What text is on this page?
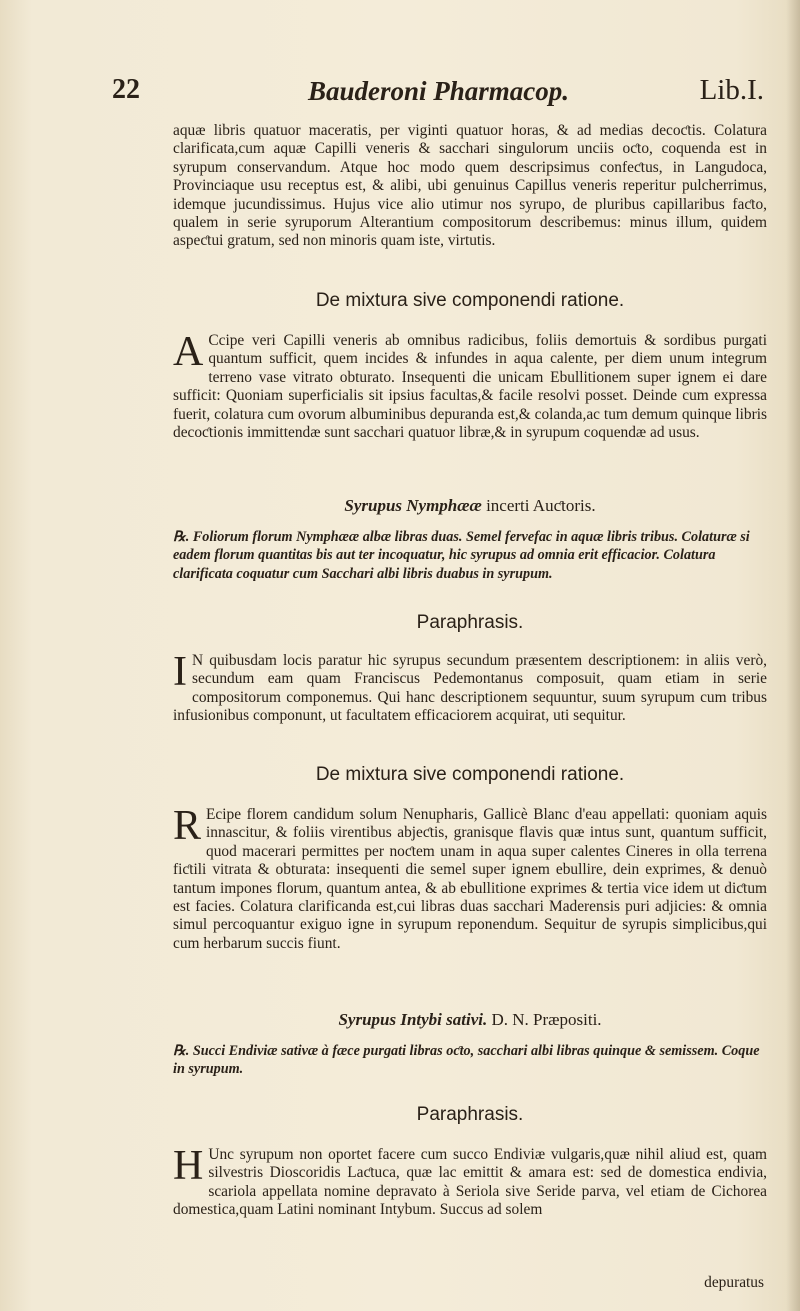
22	Bauderoni Pharmacop.	Lib.I.

aquæ libris quatuor maceratis, per viginti quatuor horas, & ad medias decoƈtis. Colatura clarificata,cum aquæ Capilli veneris & sacchari singulorum unciis oƈto, coquenda est in syrupum conservandum. Atque hoc modo quem descripsimus confeƈtus, in Langudoca, Provinciaque usu receptus est, & alibi, ubi genuinus Capillus veneris reperitur pulcherrimus, idemque jucundissimus. Hujus vice alio utimur nos syrupo, de pluribus capillaribus faƈto, qualem in serie syruporum Alterantium compositorum describemus: minus illum, quidem aspeƈtui gratum, sed non minoris quam iste, virtutis.

De mixtura sive componendi ratione.

A Ccipe veri Capilli veneris ab omnibus radicibus, foliis demortuis & sordibus purgati quantum sufficit, quem incides & infundes in aqua calente, per diem unum integrum terreno vase vitrato obturato. Insequenti die unicam Ebullitionem super ignem ei dare sufficit: Quoniam superficialis sit ipsius facultas,& facile resolvi posset. Deinde cum expressa fuerit, colatura cum ovorum albuminibus depuranda est,& colanda,ac tum demum quinque libris decoƈtionis immittendæ sunt sacchari quatuor libræ,& in syrupum coquendæ ad usus.

Syrupus Nymphææ incerti Auƈtoris.

℞. Foliorum florum Nymphææ albæ libras duas. Semel fervefac in aquæ libris tribus. Colaturæ si eadem florum quantitas bis aut ter incoquatur, hic syrupus ad omnia erit efficacior. Colatura clarificata coquatur cum Sacchari albi libris duabus in syrupum.

Paraphrasis.

I N quibusdam locis paratur hic syrupus secundum præsentem descriptionem: in aliis verò, secundum eam quam Franciscus Pedemontanus composuit, quam etiam in serie compositorum componemus. Qui hanc descriptionem sequuntur, suum syrupum cum tribus infusionibus componunt, ut facultatem efficaciorem acquirat, uti sequitur.

De mixtura sive componendi ratione.

R Ecipe florem candidum solum Nenupharis, Gallicè Blanc d'eau appellati: quoniam aquis innascitur, & foliis virentibus abjeƈtis, granisque flavis quæ intus sunt, quantum sufficit, quod macerari permittes per noƈtem unam in aqua super calentes Cineres in olla terrena fiƈtili vitrata & obturata: insequenti die semel super ignem ebullire, dein exprimes, & denuò tantum impones florum, quantum antea, & ab ebullitione exprimes & tertia vice idem ut diƈtum est facies. Colatura clarificanda est,cui libras duas sacchari Maderensis puri adjicies: & omnia simul percoquantur exiguo igne in syrupum reponendum. Sequitur de syrupis simplicibus,qui cum herbarum succis fiunt.

Syrupus Intybi sativi. D. N. Præpositi.

℞. Succi Endiviæ sativæ à fæce purgati libras oƈto, sacchari albi libras quinque & semissem. Coque in syrupum.

Paraphrasis.

H Unc syrupum non oportet facere cum succo Endiviæ vulgaris,quæ nihil aliud est, quam silvestris Dioscoridis Laƈtuca, quæ lac emittit & amara est: sed de domestica endivia, scariola appellata nomine depravato à Seriola sive Seride parva, vel etiam de Cichorea domestica,quam Latini nominant Intybum. Succus ad solem

depuratus
